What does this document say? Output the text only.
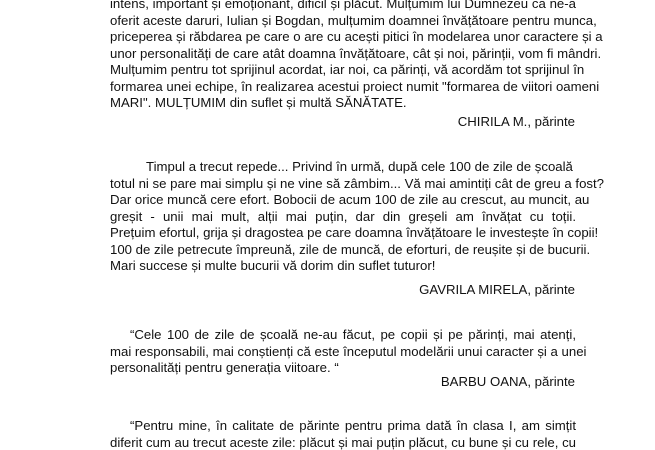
intens, important și emoționant, dificil și plăcut. Mulțumim lui Dumnezeu ca ne-a
oferit aceste daruri, Iulian și Bogdan, mulțumim doamnei învățătoare pentru munca,
priceperea și răbdarea pe care o are cu acești pitici în modelarea unor caractere și a
unor personalități de care atât doamna învățătoare, cât și noi, părinții, vom fi mândri.
Mulțumim pentru tot sprijinul acordat, iar noi, ca părinți, vă acordăm tot sprijinul în
formarea unei echipe, în realizarea acestui proiect numit "formarea de viitori oameni
MARI". MULȚUMIM din suflet și multă SĂNĂTATE.
CHIRILA M., părinte
Timpul a trecut repede... Privind în urmă, după cele 100 de zile de școală
totul ni se pare mai simplu și ne vine să zâmbim... Vă mai amintiți cât de greu a fost?
Dar orice muncă cere efort. Bobocii de acum 100 de zile au crescut, au muncit, au
greșit - unii mai mult, alții mai puțin, dar din greșeli am învățat cu toții.
Prețuim efortul, grija și dragostea pe care doamna învățătoare le investește în copii!
100 de zile petrecute împreună, zile de muncă, de eforturi, de reușite și de bucurii.
Mari succese și multe bucurii vă dorim din suflet tuturor!
GAVRILA MIRELA, părinte
“Cele 100 de zile de școală ne-au făcut, pe copii și pe părinți, mai atenți,
mai responsabili, mai conștienți că este începutul modelării unui caracter și a unei
personalități pentru generația viitoare. “
BARBU OANA, părinte
“Pentru mine, în calitate de părinte pentru prima dată în clasa I, am simțit
diferit cum au trecut aceste zile: plăcut și mai puțin plăcut, cu bune și cu rele, cu
